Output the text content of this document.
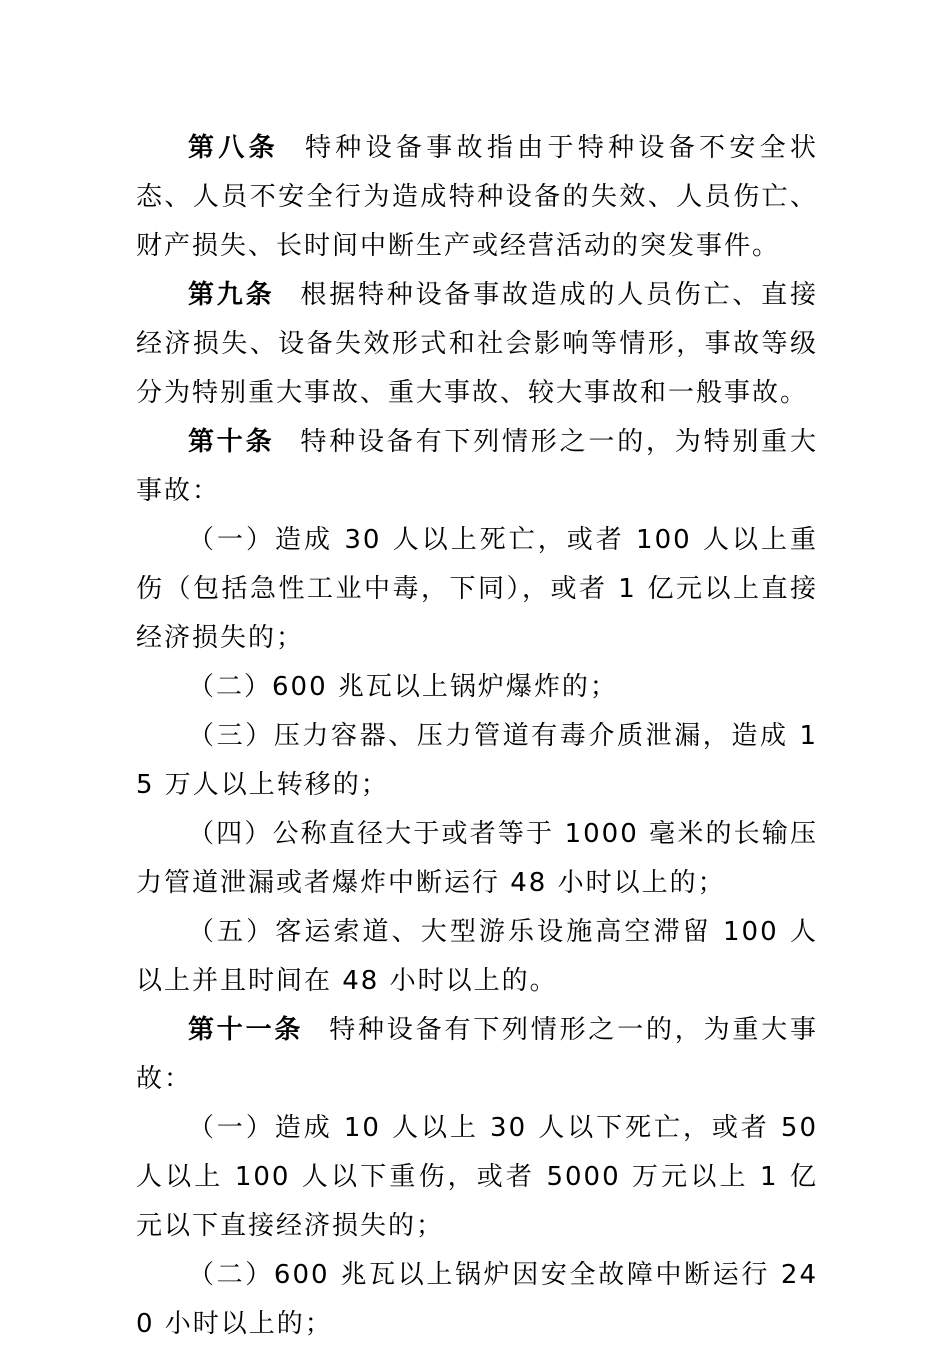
第八条 特种设备事故指由于特种设备不安全状态、人员不安全行为造成特种设备的失效、人员伤亡、财产损失、长时间中断生产或经营活动的突发事件。

第九条 根据特种设备事故造成的人员伤亡、直接经济损失、设备失效形式和社会影响等情形，事故等级分为特别重大事故、重大事故、较大事故和一般事故。

第十条 特种设备有下列情形之一的，为特别重大事故：

（一）造成 30 人以上死亡，或者 100 人以上重伤（包括急性工业中毒，下同），或者 1 亿元以上直接经济损失的；

（二）600 兆瓦以上锅炉爆炸的；

（三）压力容器、压力管道有毒介质泄漏，造成 15 万人以上转移的；

（四）公称直径大于或者等于 1000 毫米的长输压力管道泄漏或者爆炸中断运行 48 小时以上的；

（五）客运索道、大型游乐设施高空滞留 100 人以上并且时间在 48 小时以上的。

第十一条 特种设备有下列情形之一的，为重大事故：

（一）造成 10 人以上 30 人以下死亡，或者 50 人以上 100 人以下重伤，或者 5000 万元以上 1 亿元以下直接经济损失的；

（二）600 兆瓦以上锅炉因安全故障中断运行 240 小时以上的；
